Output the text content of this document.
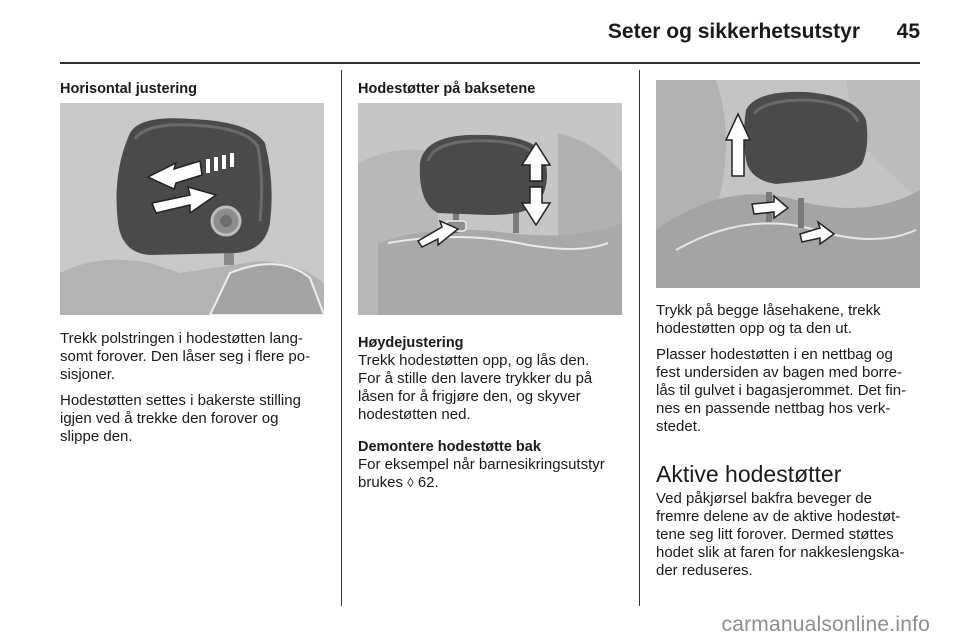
Seter og sikkerhetsutstyr	45

Horisontal justering

Trekk polstringen i hodestøtten lang-
somt forover. Den låser seg i flere po-
sisjoner.

Hodestøtten settes i bakerste stilling
igjen ved å trekke den forover og
slippe den.

Hodestøtter på baksetene

Høydejustering

Trekk hodestøtten opp, og lås den.
For å stille den lavere trykker du på
låsen for å frigjøre den, og skyver
hodestøtten ned.

Demontere hodestøtte bak

For eksempel når barnesikringsutstyr
brukes ◊ 62.

Trykk på begge låsehakene, trekk
hodestøtten opp og ta den ut.

Plasser hodestøtten i en nettbag og
fest undersiden av bagen med borre-
lås til gulvet i bagasjerommet. Det fin-
nes en passende nettbag hos verk-
stedet.

Aktive hodestøtter

Ved påkjørsel bakfra beveger de
fremre delene av de aktive hodestøt-
tene seg litt forover. Dermed støttes
hodet slik at faren for nakkeslengska-
der reduseres.

carmanualsonline.info
